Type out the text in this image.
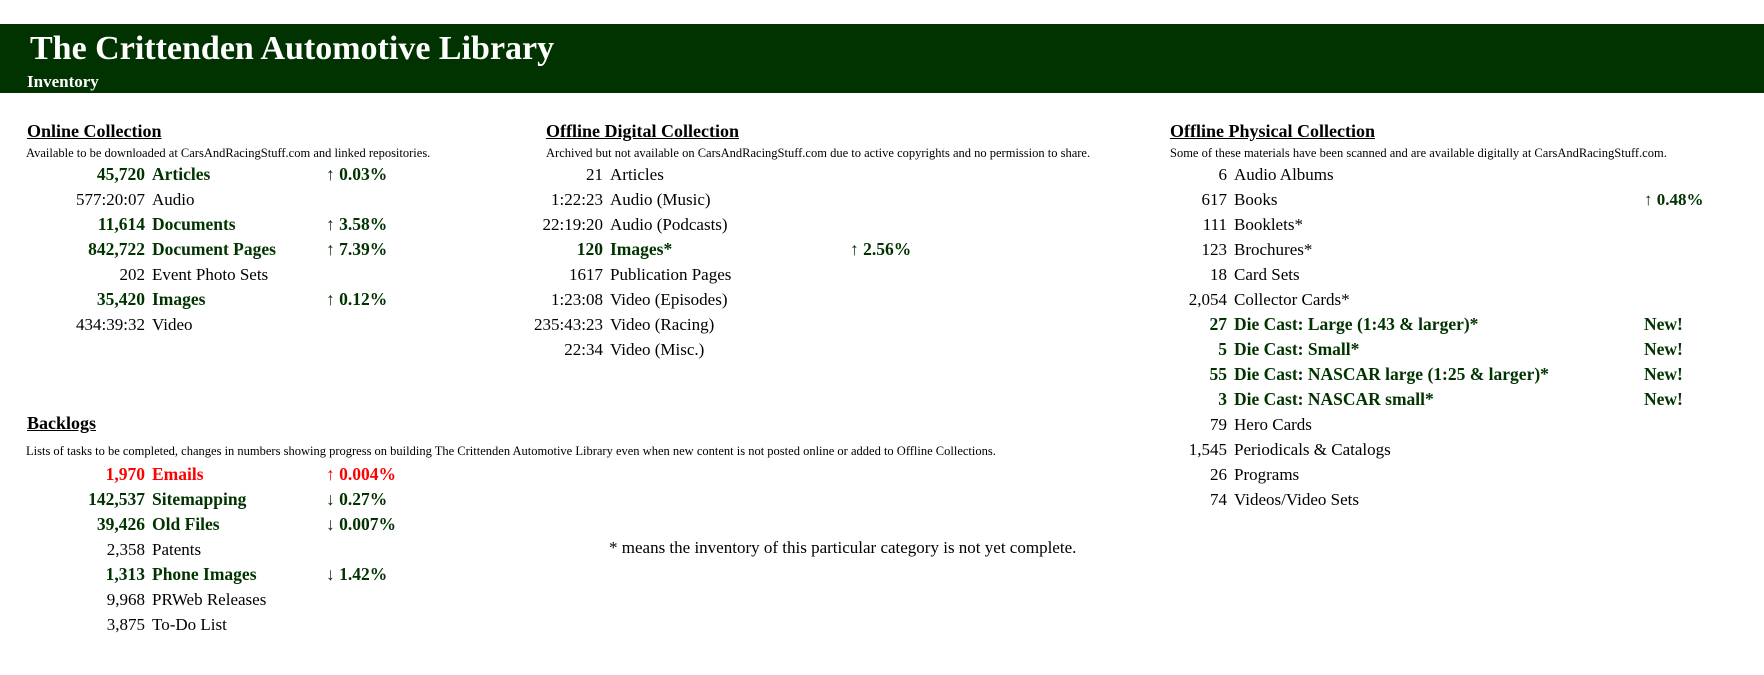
The Crittenden Automotive Library
Inventory
Online Collection
Available to be downloaded at CarsAndRacingStuff.com and linked repositories.
45,720 Articles	↑ 0.03%
577:20:07 Audio
11,614 Documents	↑ 3.58%
842,722 Document Pages	↑ 7.39%
202 Event Photo Sets
35,420 Images	↑ 0.12%
434:39:32 Video
Offline Digital Collection
Archived but not available on CarsAndRacingStuff.com due to active copyrights and no permission to share.
21 Articles
1:22:23 Audio (Music)
22:19:20 Audio (Podcasts)
120 Images*	↑ 2.56%
1617 Publication Pages
1:23:08 Video (Episodes)
235:43:23 Video (Racing)
22:34 Video (Misc.)
Offline Physical Collection
Some of these materials have been scanned and are available digitally at CarsAndRacingStuff.com.
6 Audio Albums
617 Books	↑ 0.48%
111 Booklets*
123 Brochures*
18 Card Sets
2,054 Collector Cards*
27 Die Cast: Large (1:43 & larger)*	New!
5 Die Cast: Small*	New!
55 Die Cast: NASCAR large (1:25 & larger)*	New!
3 Die Cast: NASCAR small*	New!
79 Hero Cards
1,545 Periodicals & Catalogs
26 Programs
74 Videos/Video Sets
Backlogs
Lists of tasks to be completed, changes in numbers showing progress on building The Crittenden Automotive Library even when new content is not posted online or added to Offline Collections.
1,970 Emails	↑ 0.004%
142,537 Sitemapping	↓ 0.27%
39,426 Old Files	↓ 0.007%
2,358 Patents
1,313 Phone Images	↓ 1.42%
9,968 PRWeb Releases
3,875 To-Do List
* means the inventory of this particular category is not yet complete.
